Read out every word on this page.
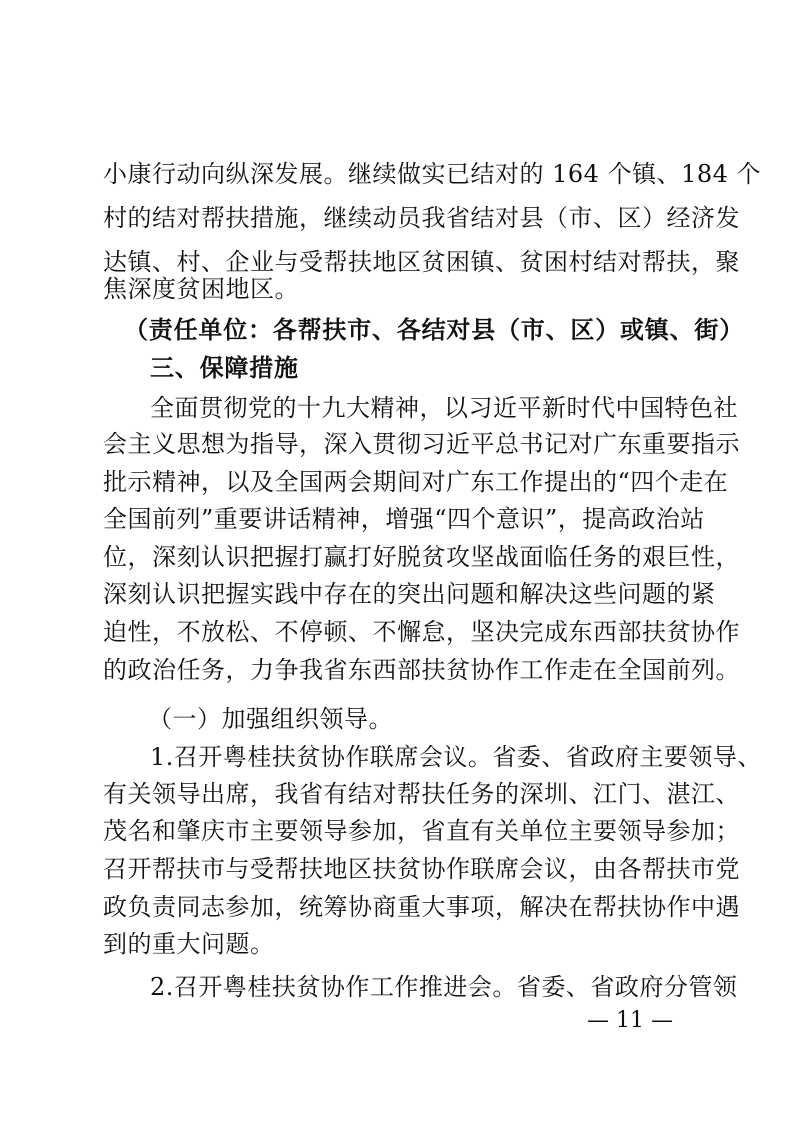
小康行动向纵深发展。继续做实已结对的 164 个镇、184 个
村的结对帮扶措施，继续动员我省结对县（市、区）经济发
达镇、村、企业与受帮扶地区贫困镇、贫困村结对帮扶，聚
焦深度贫困地区。
（责任单位：各帮扶市、各结对县（市、区）或镇、街）
三、保障措施
全面贯彻党的十九大精神，以习近平新时代中国特色社
会主义思想为指导，深入贯彻习近平总书记对广东重要指示
批示精神，以及全国两会期间对广东工作提出的“四个走在
全国前列”重要讲话精神，增强“四个意识”，提高政治站
位，深刻认识把握打赢打好脱贫攻坚战面临任务的艰巨性，
深刻认识把握实践中存在的突出问题和解决这些问题的紧
迫性，不放松、不停顿、不懈怠，坚决完成东西部扶贫协作
的政治任务，力争我省东西部扶贫协作工作走在全国前列。
（一）加强组织领导。
1.召开粤桂扶贫协作联席会议。省委、省政府主要领导、
有关领导出席，我省有结对帮扶任务的深圳、江门、湛江、
茂名和肇庆市主要领导参加，省直有关单位主要领导参加；
召开帮扶市与受帮扶地区扶贫协作联席会议，由各帮扶市党
政负责同志参加，统筹协商重大事项，解决在帮扶协作中遇
到的重大问题。
2.召开粤桂扶贫协作工作推进会。省委、省政府分管领
— 11 —
